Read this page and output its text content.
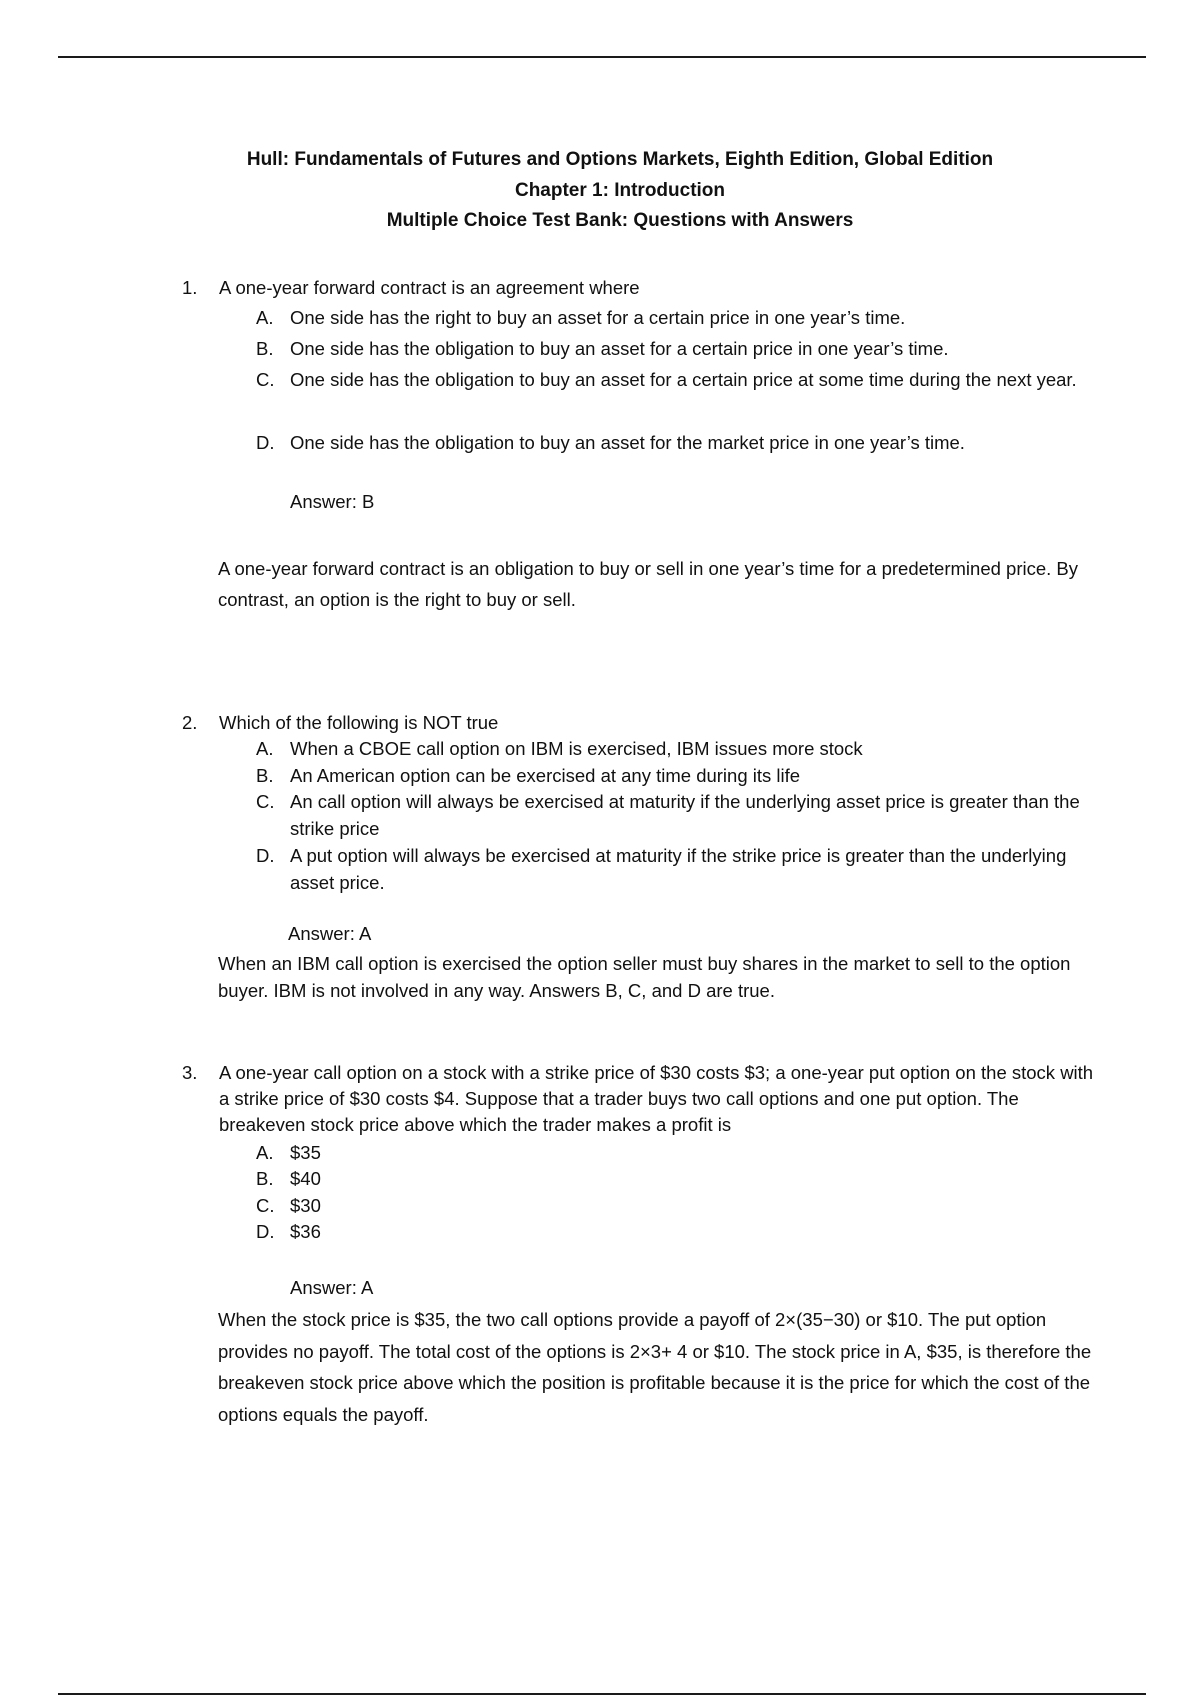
Hull: Fundamentals of Futures and Options Markets, Eighth Edition, Global Edition
Chapter 1: Introduction
Multiple Choice Test Bank: Questions with Answers
1. A one-year forward contract is an agreement where
A. One side has the right to buy an asset for a certain price in one year’s time.
B. One side has the obligation to buy an asset for a certain price in one year’s time.
C. One side has the obligation to buy an asset for a certain price at some time during the next year.
D. One side has the obligation to buy an asset for the market price in one year’s time.
Answer: B
A one-year forward contract is an obligation to buy or sell in one year’s time for a predetermined price. By contrast, an option is the right to buy or sell.
2. Which of the following is NOT true
A. When a CBOE call option on IBM is exercised, IBM issues more stock
B. An American option can be exercised at any time during its life
C. An call option will always be exercised at maturity if the underlying asset price is greater than the strike price
D. A put option will always be exercised at maturity if the strike price is greater than the underlying asset price.
Answer: A
When an IBM call option is exercised the option seller must buy shares in the market to sell to the option buyer. IBM is not involved in any way. Answers B, C, and D are true.
3. A one-year call option on a stock with a strike price of $30 costs $3; a one-year put option on the stock with a strike price of $30 costs $4. Suppose that a trader buys two call options and one put option. The breakeven stock price above which the trader makes a profit is
A. $35
B. $40
C. $30
D. $36
Answer: A
When the stock price is $35, the two call options provide a payoff of 2×(35−30) or $10. The put option provides no payoff. The total cost of the options is 2×3+ 4 or $10. The stock price in A, $35, is therefore the breakeven stock price above which the position is profitable because it is the price for which the cost of the options equals the payoff.
